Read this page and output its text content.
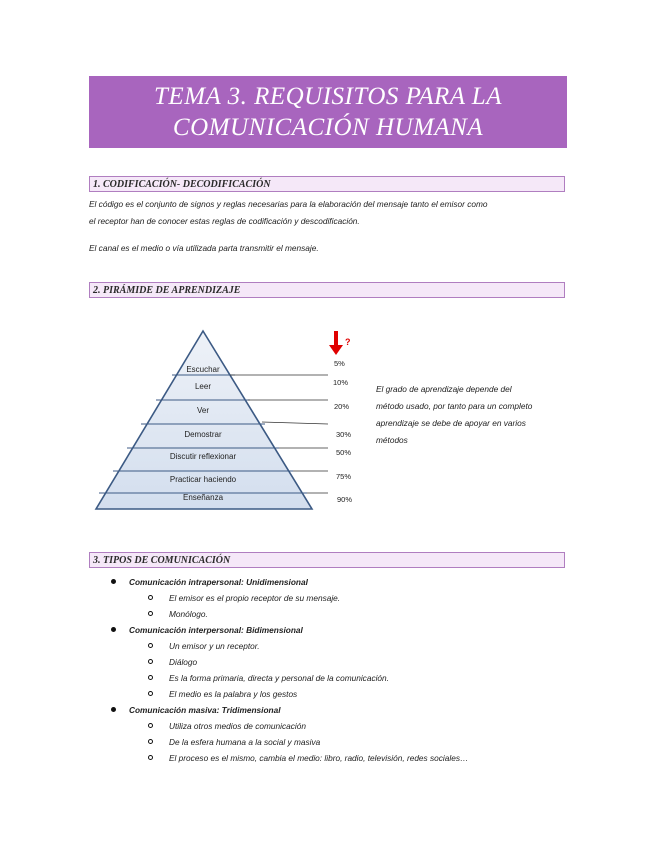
TEMA 3. REQUISITOS PARA LA
COMUNICACIÓN HUMANA
1. CODIFICACIÓN- DECODIFICACIÓN
El código es el conjunto de signos y reglas necesarias para la elaboración del mensaje tanto el emisor como
el receptor han de conocer estas reglas de codificación y descodificación.
El canal es el medio o vía utilizada parta transmitir el mensaje.
2. PIRÁMIDE DE APRENDIZAJE
Escuchar
Leer
Ver
Demostrar
Discutir reflexionar
Practicar haciendo
Enseñanza
5%
10%
20%
30%
50%
75%
90%
?
El grado de aprendizaje depende del
método usado, por tanto para un completo
aprendizaje se debe de apoyar en varios
métodos
3. TIPOS DE COMUNICACIÓN
Comunicación intrapersonal: Unidimensional
El emisor es el propio receptor de su mensaje.
Monólogo.
Comunicación interpersonal: Bidimensional
Un emisor y un receptor.
Diálogo
Es la forma primaria, directa y personal de la comunicación.
El medio es la palabra y los gestos
Comunicación masiva: Tridimensional
Utiliza otros medios de comunicación
De la esfera humana a la social y masiva
El proceso es el mismo, cambia el medio: libro, radio, televisión, redes sociales…
